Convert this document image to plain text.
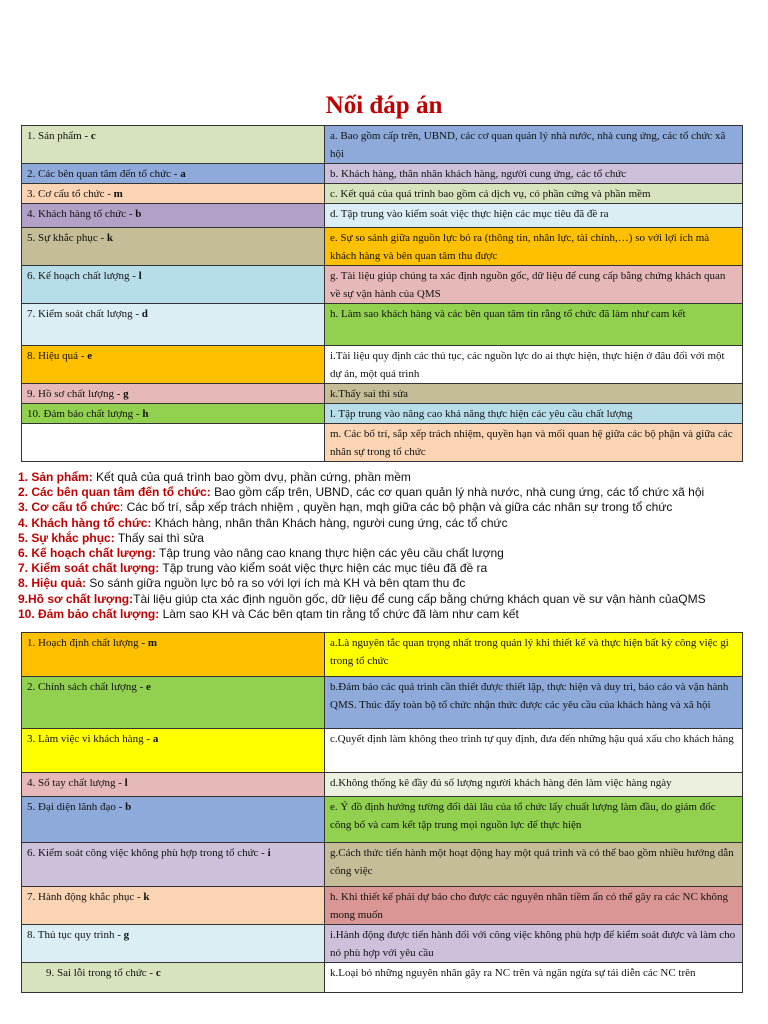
Nối đáp án
1. Sản phẩm - c	a. Bao gồm cấp trên, UBND, các cơ quan quản lý nhà nước, nhà cung ứng, các tổ chức xã hội
2. Các bên quan tâm đến tổ chức - a	b. Khách hàng, thân nhân khách hàng, người cung ứng, các tổ chức
3. Cơ cấu tổ chức - m	c. Kết quả của quá trình bao gồm cả dịch vụ, có phần cứng và phần mềm
4. Khách hàng tổ chức - b	d. Tập trung vào kiểm soát việc thực hiện các mục tiêu đã đề ra
5. Sự khắc phục - k	e. Sự so sánh giữa nguồn lực bỏ ra (thông tin, nhân lực, tài chính,…) so với lợi ích mà khách hàng và bên quan tâm thu được
6. Kế hoạch chất lượng - l	g. Tài liệu giúp chúng ta xác định nguồn gốc, dữ liệu để cung cấp bằng chứng khách quan về sự vận hành của QMS
7. Kiểm soát chất lượng - d	h. Làm sao khách hàng và các bên quan tâm tin rằng tổ chức đã làm như cam kết
8. Hiệu quả - e	i.Tài liệu quy định các thủ tục, các nguồn lực do ai thực hiện, thực hiện ở đâu đối với một dự án, một quá trình
9. Hồ sơ chất lượng - g	k.Thấy sai thì sửa
10. Đảm bảo chất lượng - h	l. Tập trung vào nâng cao khả năng thực hiện các yêu cầu chất lượng
	m. Các bố trí, sắp xếp trách nhiệm, quyền hạn và mối quan hệ giữa các bộ phận và giữa các nhân sự trong tổ chức
1. Sản phẩm: Kết quả của quá trình bao gồm dvụ, phần cứng, phần mềm
2. Các bên quan tâm đến tổ chức: Bao gồm cấp trên, UBND, các cơ quan quản lý nhà nước, nhà cung ứng, các tổ chức xã hội
3. Cơ cấu tổ chức: Các bố trí, sắp xếp trách nhiệm , quyền hạn, mqh giữa các bộ phận và giữa các nhân sự trong tổ chức
4. Khách hàng tổ chức: Khách hàng, nhân thân Khách hàng, người cung ứng, các tổ chức
5. Sự khắc phục: Thấy sai thì sửa
6. Kế hoạch chất lượng: Tập trung vào nâng cao knang thực hiện các yêu cầu chất lượng
7. Kiểm soát chất lượng: Tập trung vào kiểm soát việc thực hiện các mục tiêu đã đề ra
8. Hiệu quả: So sánh giữa nguồn lực bỏ ra so với lợi ích mà KH và bên qtam thu đc
9.Hồ sơ chất lượng:Tài liệu giúp cta xác định nguồn gốc, dữ liệu để cung cấp bằng chứng khách quan về sư vận hành củaQMS
10. Đảm bảo chất lượng: Làm sao KH và Các bên qtam tin rằng tổ chức đã làm như cam kết
1. Hoạch định chất lượng - m	a.Là nguyên tắc quan trọng nhất trong quản lý khi thiết kế và thực hiện bất kỳ công việc gì trong tổ chức
2. Chính sách chất lượng - e	b.Đảm bảo các quá trình cần thiết được thiết lập, thực hiện và duy trì, báo cáo và vận hành QMS. Thúc đẩy toàn bộ tổ chức nhận thức được các yêu cầu của khách hàng và xã hội
3. Làm việc vì khách hàng - a	c.Quyết định làm không theo trình tự quy định, đưa đến những hậu quả xấu cho khách hàng
4. Sổ tay chất lượng - l	d.Không thống kê đầy đủ số lượng người khách hàng đén làm việc hàng ngày
5. Đại diện lãnh đạo - b	e. Ý đồ định hướng tường đối dài lâu của tổ chức lấy chuất lượng làm đầu, do giám đốc công bố và cam kết tập trung mọi nguồn lực để thực hiện
6. Kiểm soát công việc không phù hợp trong tổ chức - i	g.Cách thức tiến hành một hoạt động hay một quá trình và có thể bao gồm nhiều hướng dẫn công việc
7. Hành động khắc phục - k	h. Khi thiết kế phải dự báo cho được các nguyên nhân tiềm ẩn có thể gây ra các NC không mong muốn
8. Thủ tục quy trình - g	i.Hành động được tiến hành đối với công việc không phù hợp để kiểm soát được và làm cho nó phù hợp với yêu cầu
9. Sai lỗi trong tổ chức - c	k.Loại bỏ những nguyên nhân gây ra NC trên và ngăn ngừa sự tái diễn các NC trên
